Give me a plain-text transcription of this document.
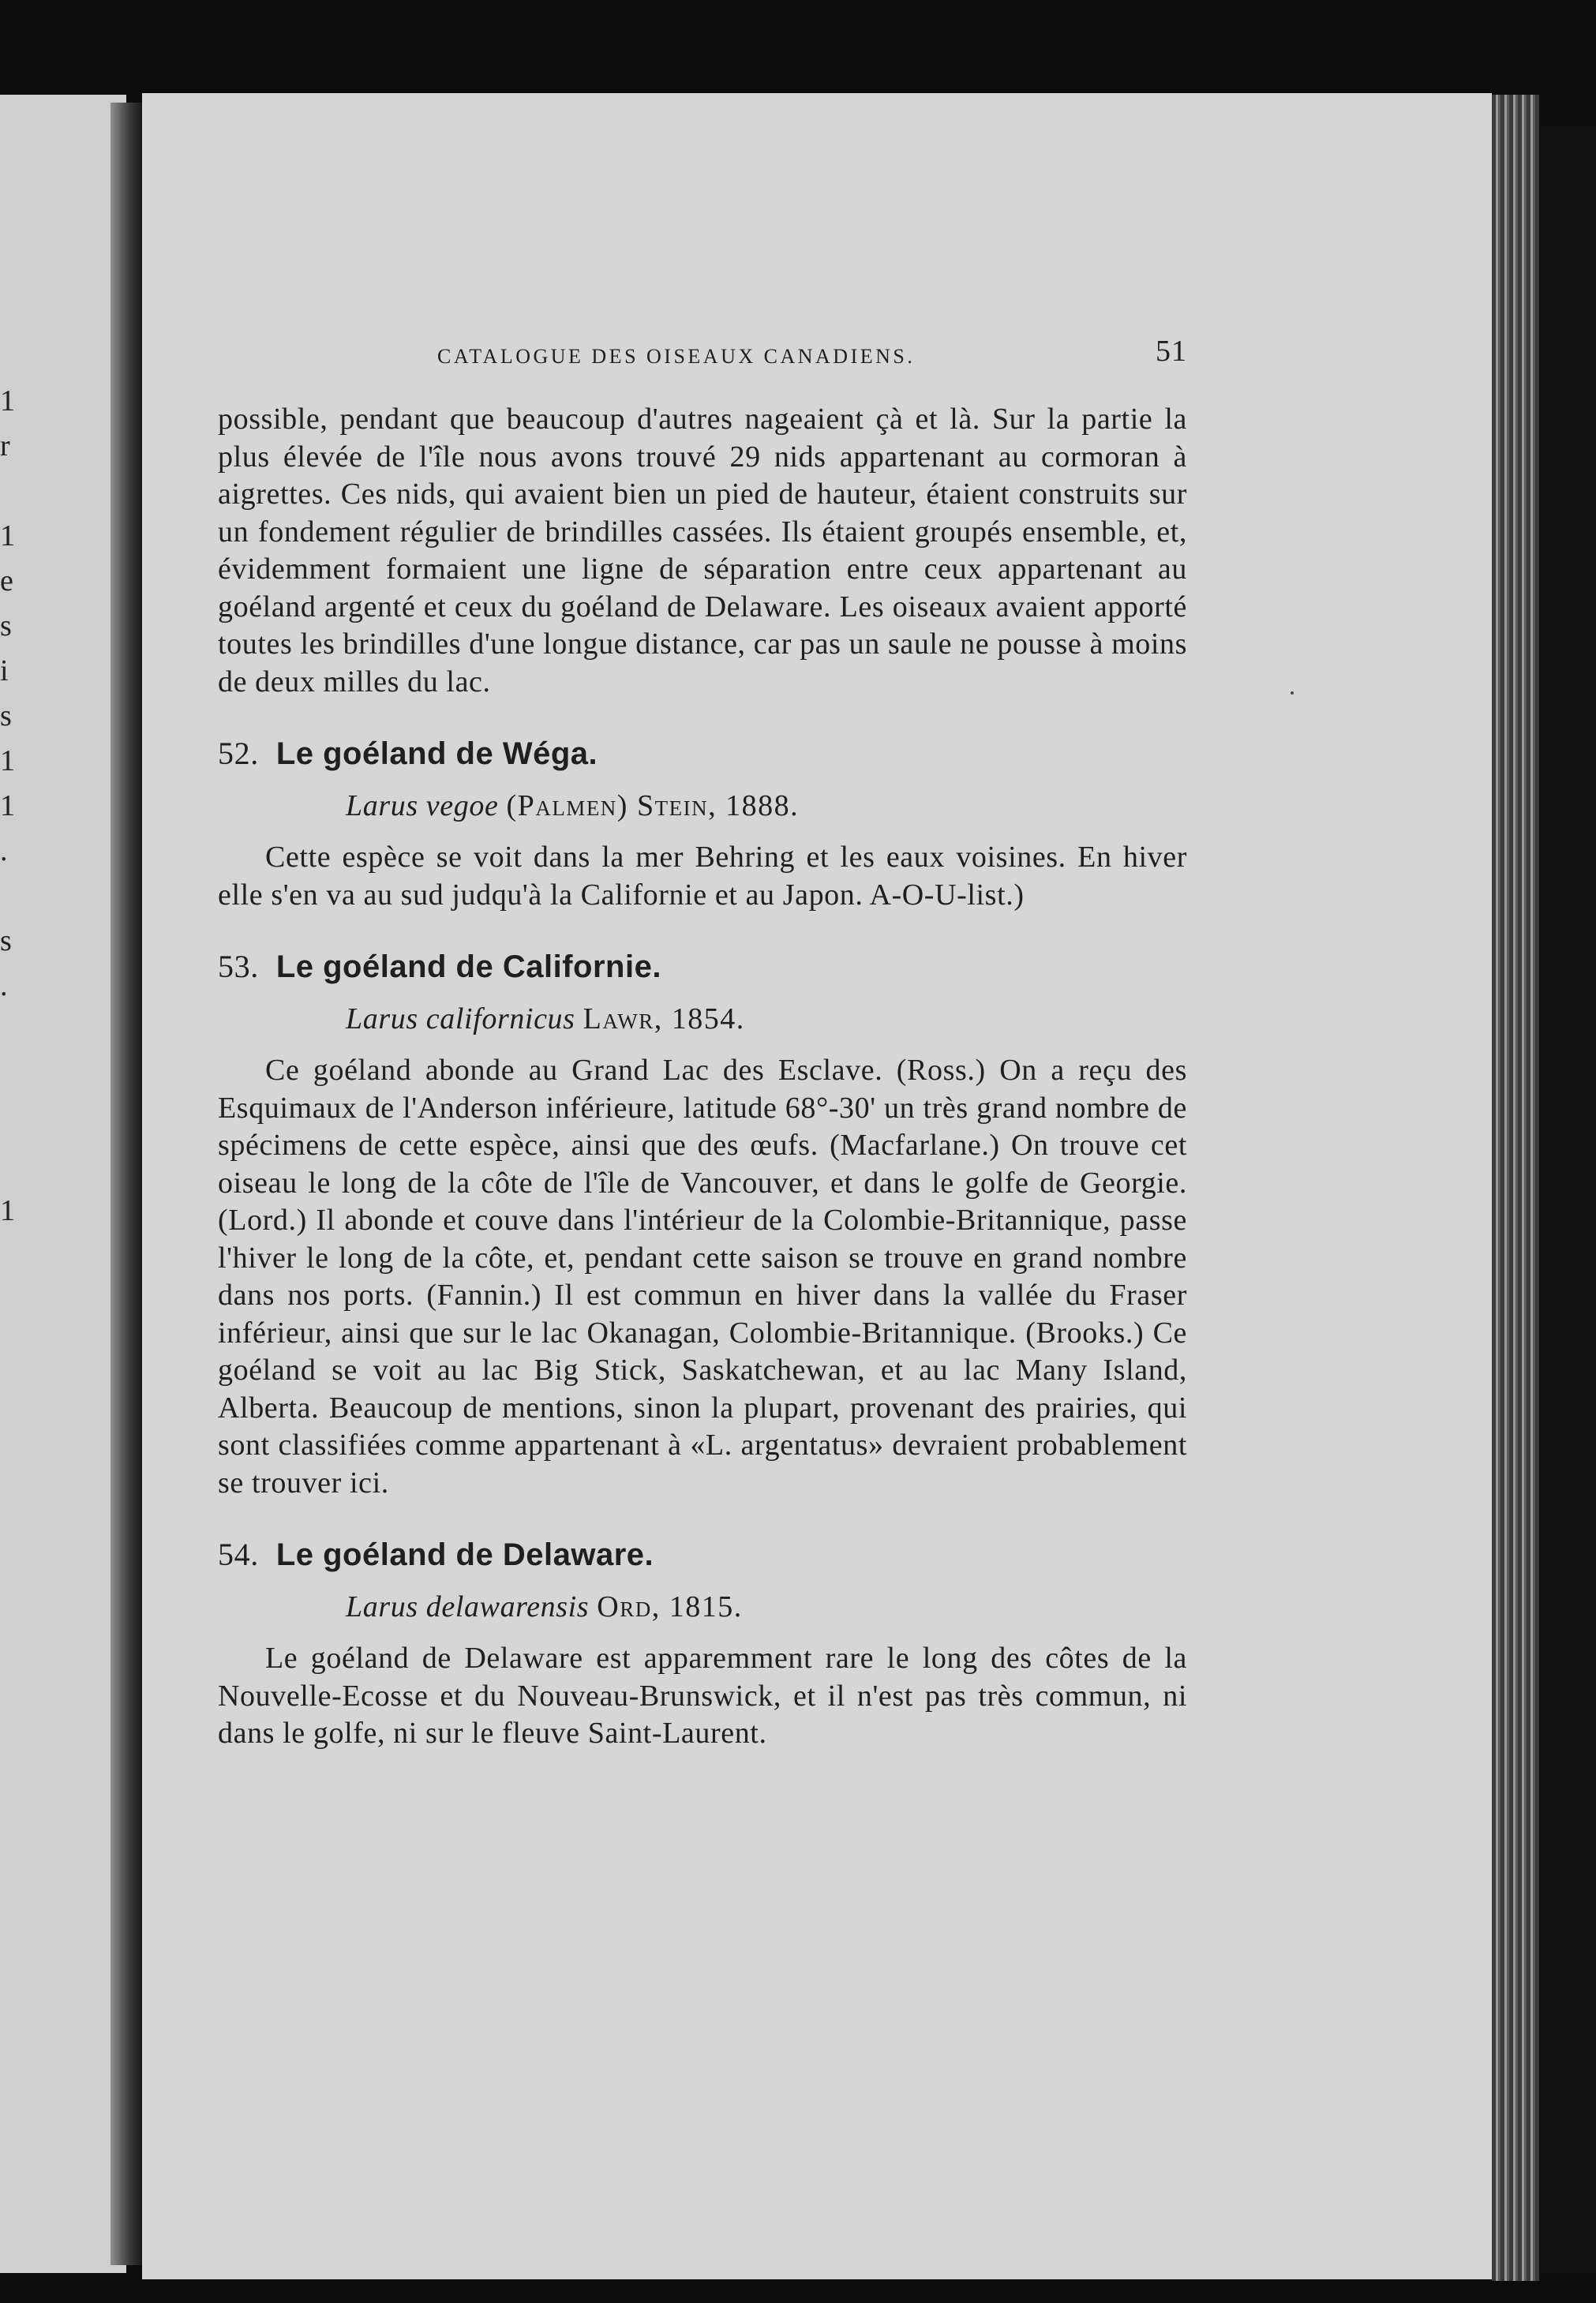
1
r
1
e
s
i
s
1
1
.
s
.
1
CATALOGUE DES OISEAUX CANADIENS.	51

possible, pendant que beaucoup d'autres nageaient çà et là. Sur la partie la plus élevée de l'île nous avons trouvé 29 nids appartenant au cormoran à aigrettes. Ces nids, qui avaient bien un pied de hauteur, étaient construits sur un fondement régulier de brindilles cassées. Ils étaient groupés ensemble, et, évidemment formaient une ligne de séparation entre ceux appartenant au goéland argenté et ceux du goéland de Delaware. Les oiseaux avaient apporté toutes les brindilles d'une longue distance, car pas un saule ne pousse à moins de deux milles du lac.

52. Le goéland de Wéga.
Larus vegoe (Palmen) Stein, 1888.

Cette espèce se voit dans la mer Behring et les eaux voisines. En hiver elle s'en va au sud judqu'à la Californie et au Japon. A-O-U-list.)

53. Le goéland de Californie.
Larus californicus Lawr, 1854.

Ce goéland abonde au Grand Lac des Esclave. (Ross.) On a reçu des Esquimaux de l'Anderson inférieure, latitude 68°-30' un très grand nombre de spécimens de cette espèce, ainsi que des œufs. (Macfarlane.) On trouve cet oiseau le long de la côte de l'île de Vancouver, et dans le golfe de Georgie. (Lord.) Il abonde et couve dans l'intérieur de la Colombie-Britannique, passe l'hiver le long de la côte, et, pendant cette saison se trouve en grand nombre dans nos ports. (Fannin.) Il est commun en hiver dans la vallée du Fraser inférieur, ainsi que sur le lac Okanagan, Colombie-Britannique. (Brooks.) Ce goéland se voit au lac Big Stick, Saskatchewan, et au lac Many Island, Alberta. Beaucoup de mentions, sinon la plupart, provenant des prairies, qui sont classifiées comme appartenant à «L. argentatus» devraient probablement se trouver ici.

54. Le goéland de Delaware.
Larus delawarensis Ord, 1815.

Le goéland de Delaware est apparemment rare le long des côtes de la Nouvelle-Ecosse et du Nouveau-Brunswick, et il n'est pas très commun, ni dans le golfe, ni sur le fleuve Saint-Laurent.
